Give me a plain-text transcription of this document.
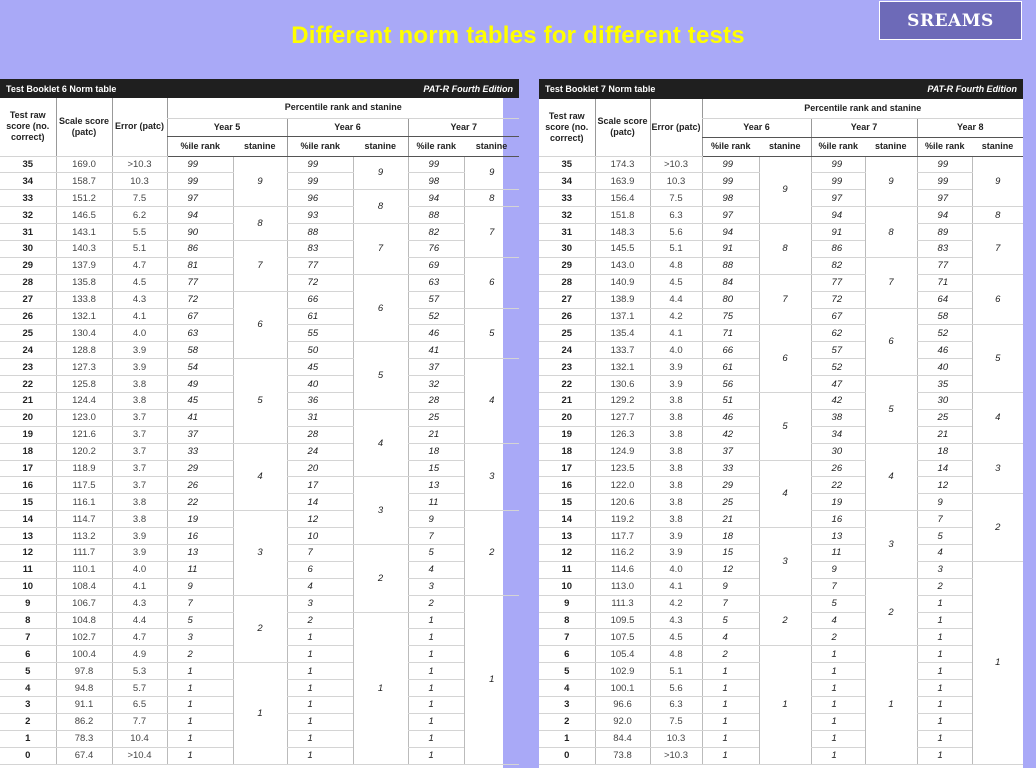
Different norm tables for different tests
SREAMS
Test Booklet 6 Norm table					PAT-R Fourth Edition			
Test raw score (no. correct)	Scale score (patc)	Error (patc)	Percentile rank and stanine					
			Year 5		Year 6		Year 7	
			%ile rank	stanine	%ile rank	stanine	%ile rank	stanine
35	169.0	>10.3	99	9	99	9	99	9
34	158.7	10.3	99		99		98	
33	151.2	7.5	97		96	8	94	8
32	146.5	6.2	94	8	93		88	7
31	143.1	5.5	90		88	7	82	
30	140.3	5.1	86	7	83		76	
29	137.9	4.7	81		77		69	6
28	135.8	4.5	77		72	6	63	
27	133.8	4.3	72	6	66		57	
26	132.1	4.1	67		61		52	5
25	130.4	4.0	63		55		46	
24	128.8	3.9	58		50	5	41	
23	127.3	3.9	54	5	45		37	4
22	125.8	3.8	49		40		32	
21	124.4	3.8	45		36		28	
20	123.0	3.7	41		31	4	25	
19	121.6	3.7	37		28		21	
18	120.2	3.7	33	4	24		18	3
17	118.9	3.7	29		20		15	
16	117.5	3.7	26		17	3	13	
15	116.1	3.8	22		14		11	
14	114.7	3.8	19	3	12		9	2
13	113.2	3.9	16		10		7	
12	111.7	3.9	13		7	2	5	
11	110.1	4.0	11		6		4	
10	108.4	4.1	9		4		3	
9	106.7	4.3	7	2	3		2	1
8	104.8	4.4	5		2	1	1	
7	102.7	4.7	3		1		1	
6	100.4	4.9	2		1		1	
5	97.8	5.3	1	1	1		1	
4	94.8	5.7	1		1		1	
3	91.1	6.5	1		1		1	
2	86.2	7.7	1		1		1	
1	78.3	10.4	1		1		1	
0	67.4	>10.4	1		1		1	
Test Booklet 7 Norm table					PAT-R Fourth Edition			
Test raw score (no. correct)	Scale score (patc)	Error (patc)	Percentile rank and stanine					
			Year 6		Year 7		Year 8	
			%ile rank	stanine	%ile rank	stanine	%ile rank	stanine
35	174.3	>10.3	99	9	99	9	99	9
34	163.9	10.3	99		99		99	
33	156.4	7.5	98		97		97	
32	151.8	6.3	97		94	8	94	8
31	148.3	5.6	94	8	91		89	7
30	145.5	5.1	91		86		83	
29	143.0	4.8	88		82	7	77	
28	140.9	4.5	84	7	77		71	6
27	138.9	4.4	80		72		64	
26	137.1	4.2	75		67	6	58	
25	135.4	4.1	71	6	62		52	5
24	133.7	4.0	66		57		46	
23	132.1	3.9	61		52		40	
22	130.6	3.9	56		47	5	35	
21	129.2	3.8	51	5	42		30	4
20	127.7	3.8	46		38		25	
19	126.3	3.8	42		34		21	
18	124.9	3.8	37		30	4	18	3
17	123.5	3.8	33	4	26		14	
16	122.0	3.8	29		22		12	
15	120.6	3.8	25		19		9	2
14	119.2	3.8	21		16	3	7	
13	117.7	3.9	18	3	13		5	
12	116.2	3.9	15		11		4	
11	114.6	4.0	12		9		3	1
10	113.0	4.1	9		7	2	2	
9	111.3	4.2	7	2	5		1	
8	109.5	4.3	5		4		1	
7	107.5	4.5	4		2		1	
6	105.4	4.8	2	1	1	1	1	
5	102.9	5.1	1		1		1	
4	100.1	5.6	1		1		1	
3	96.6	6.3	1		1		1	
2	92.0	7.5	1		1		1	
1	84.4	10.3	1		1		1	
0	73.8	>10.3	1		1		1	
